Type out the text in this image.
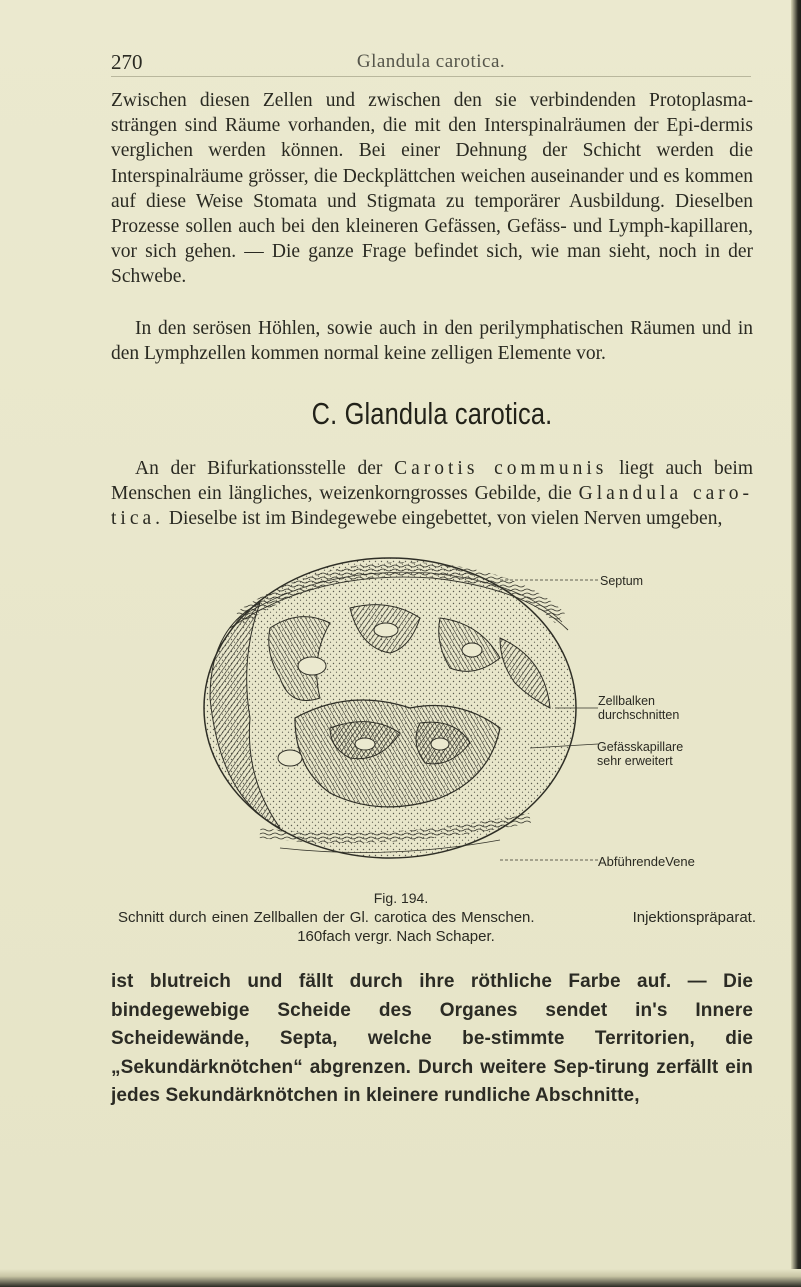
270	Glandula carotica.

Zwischen diesen Zellen und zwischen den sie verbindenden Protoplasma-strängen sind Räume vorhanden, die mit den Interspinalräumen der Epi-dermis verglichen werden können. Bei einer Dehnung der Schicht werden die Interspinalräume grösser, die Deckplättchen weichen auseinander und es kommen auf diese Weise Stomata und Stigmata zu temporärer Ausbildung. Dieselben Prozesse sollen auch bei den kleineren Gefässen, Gefäss- und Lymph-kapillaren, vor sich gehen. — Die ganze Frage befindet sich, wie man sieht, noch in der Schwebe.

In den serösen Höhlen, sowie auch in den perilymphatischen Räumen und in den Lymphzellen kommen normal keine zelligen Elemente vor.

C. Glandula carotica.

An der Bifurkationsstelle der Carotis communis liegt auch beim Menschen ein längliches, weizenkorngrosses Gebilde, die Glandula caro-tica. Dieselbe ist im Bindegewebe eingebettet, von vielen Nerven umgeben,

Septum
Zellbalken
durchschnitten
Gefässkapillare
sehr erweitert
AbführendeVene
Fig. 194.
Schnitt durch einen Zellballen der Gl. carotica des Menschen.	Injektionspräparat.
160fach vergr. Nach Schaper.

ist blutreich und fällt durch ihre röthliche Farbe auf. — Die bindegewebige Scheide des Organes sendet in's Innere Scheidewände, Septa, welche be-stimmte Territorien, die „Sekundärknötchen“ abgrenzen. Durch weitere Sep-tirung zerfällt ein jedes Sekundärknötchen in kleinere rundliche Abschnitte,
